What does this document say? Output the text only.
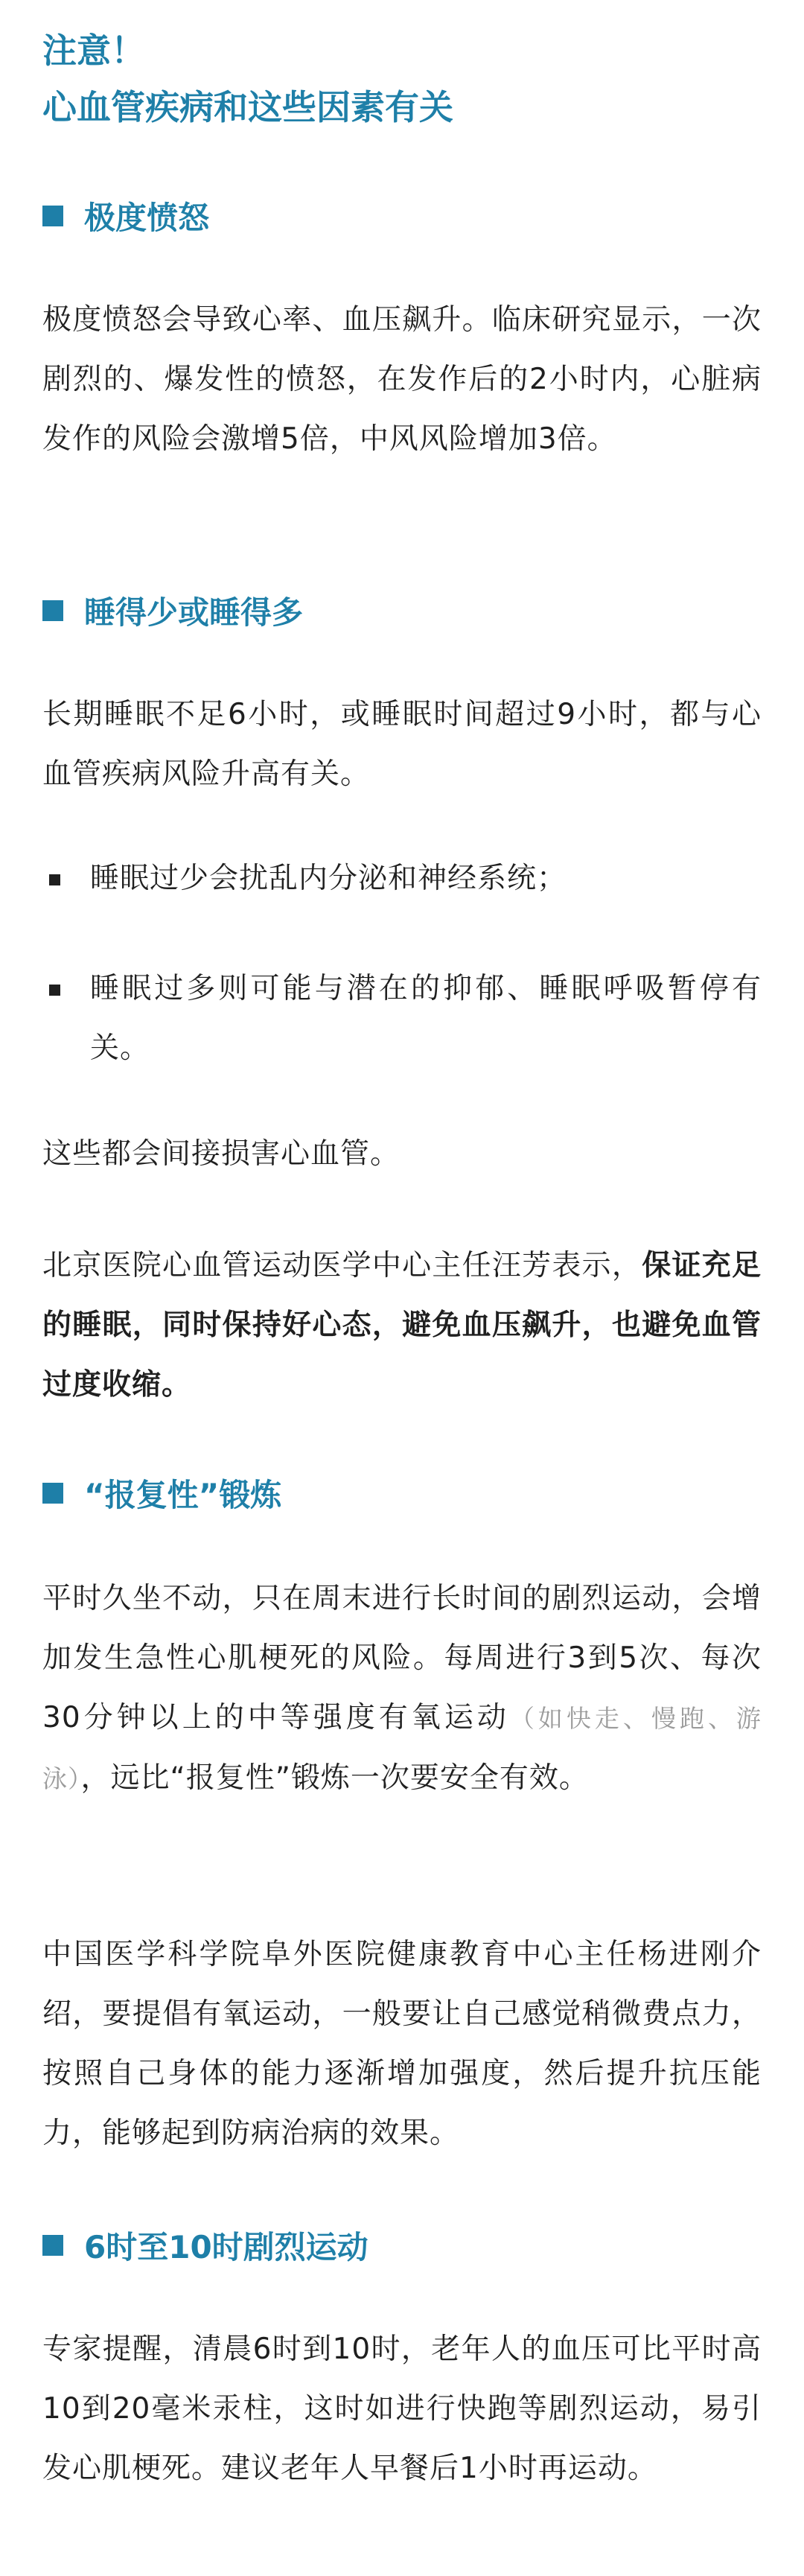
注意！
心血管疾病和这些因素有关
极度愤怒
极度愤怒会导致心率、血压飙升。临床研究显示，一次剧烈的、爆发性的愤怒，在发作后的2小时内，心脏病发作的风险会激增5倍，中风风险增加3倍。
睡得少或睡得多
长期睡眠不足6小时，或睡眠时间超过9小时，都与心血管疾病风险升高有关。
睡眠过少会扰乱内分泌和神经系统；
睡眠过多则可能与潜在的抑郁、睡眠呼吸暂停有关。
这些都会间接损害心血管。
北京医院心血管运动医学中心主任汪芳表示，保证充足的睡眠，同时保持好心态，避免血压飙升，也避免血管过度收缩。
“报复性”锻炼
平时久坐不动，只在周末进行长时间的剧烈运动，会增加发生急性心肌梗死的风险。每周进行3到5次、每次30分钟以上的中等强度有氧运动（如快走、慢跑、游泳），远比“报复性”锻炼一次要安全有效。
中国医学科学院阜外医院健康教育中心主任杨进刚介绍，要提倡有氧运动，一般要让自己感觉稍微费点力，按照自己身体的能力逐渐增加强度，然后提升抗压能力，能够起到防病治病的效果。
6时至10时剧烈运动
专家提醒，清晨6时到10时，老年人的血压可比平时高10到20毫米汞柱，这时如进行快跑等剧烈运动，易引发心肌梗死。建议老年人早餐后1小时再运动。
